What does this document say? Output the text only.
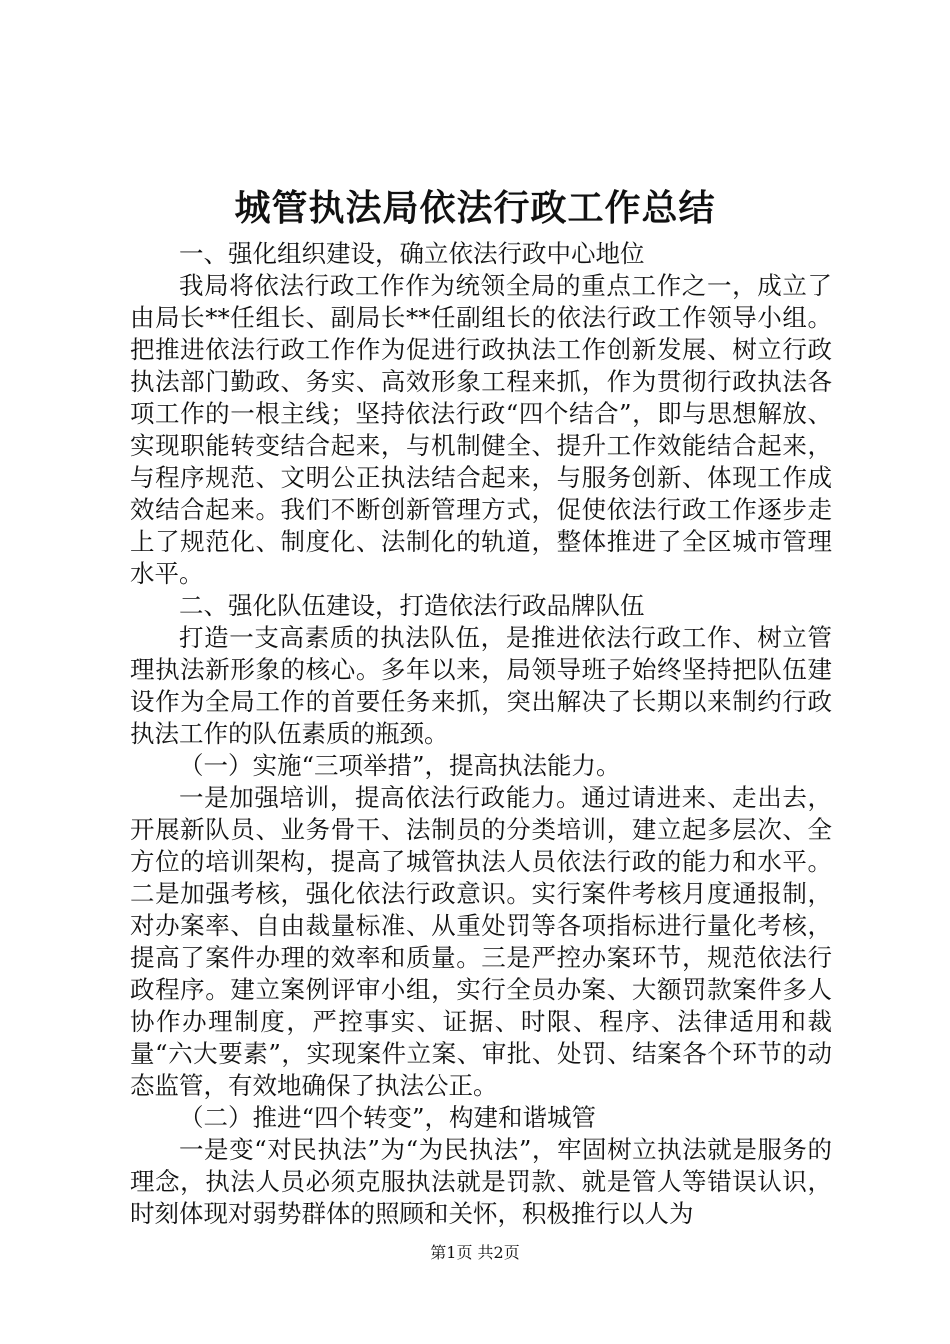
城管执法局依法行政工作总结

一、强化组织建设，确立依法行政中心地位

我局将依法行政工作作为统领全局的重点工作之一，成立了由局长**任组长、副局长**任副组长的依法行政工作领导小组。把推进依法行政工作作为促进行政执法工作创新发展、树立行政执法部门勤政、务实、高效形象工程来抓，作为贯彻行政执法各项工作的一根主线；坚持依法行政“四个结合”，即与思想解放、实现职能转变结合起来，与机制健全、提升工作效能结合起来，与程序规范、文明公正执法结合起来，与服务创新、体现工作成效结合起来。我们不断创新管理方式，促使依法行政工作逐步走上了规范化、制度化、法制化的轨道，整体推进了全区城市管理水平。

二、强化队伍建设，打造依法行政品牌队伍

打造一支高素质的执法队伍，是推进依法行政工作、树立管理执法新形象的核心。多年以来，局领导班子始终坚持把队伍建设作为全局工作的首要任务来抓，突出解决了长期以来制约行政执法工作的队伍素质的瓶颈。

（一）实施“三项举措”，提高执法能力。

一是加强培训，提高依法行政能力。通过请进来、走出去，开展新队员、业务骨干、法制员的分类培训，建立起多层次、全方位的培训架构，提高了城管执法人员依法行政的能力和水平。二是加强考核，强化依法行政意识。实行案件考核月度通报制，对办案率、自由裁量标准、从重处罚等各项指标进行量化考核，提高了案件办理的效率和质量。三是严控办案环节，规范依法行政程序。建立案例评审小组，实行全员办案、大额罚款案件多人协作办理制度，严控事实、证据、时限、程序、法律适用和裁量“六大要素”，实现案件立案、审批、处罚、结案各个环节的动态监管，有效地确保了执法公正。

（二）推进“四个转变”，构建和谐城管

一是变“对民执法”为“为民执法”，牢固树立执法就是服务的理念，执法人员必须克服执法就是罚款、就是管人等错误认识，时刻体现对弱势群体的照顾和关怀，积极推行以人为

第1页 共2页
